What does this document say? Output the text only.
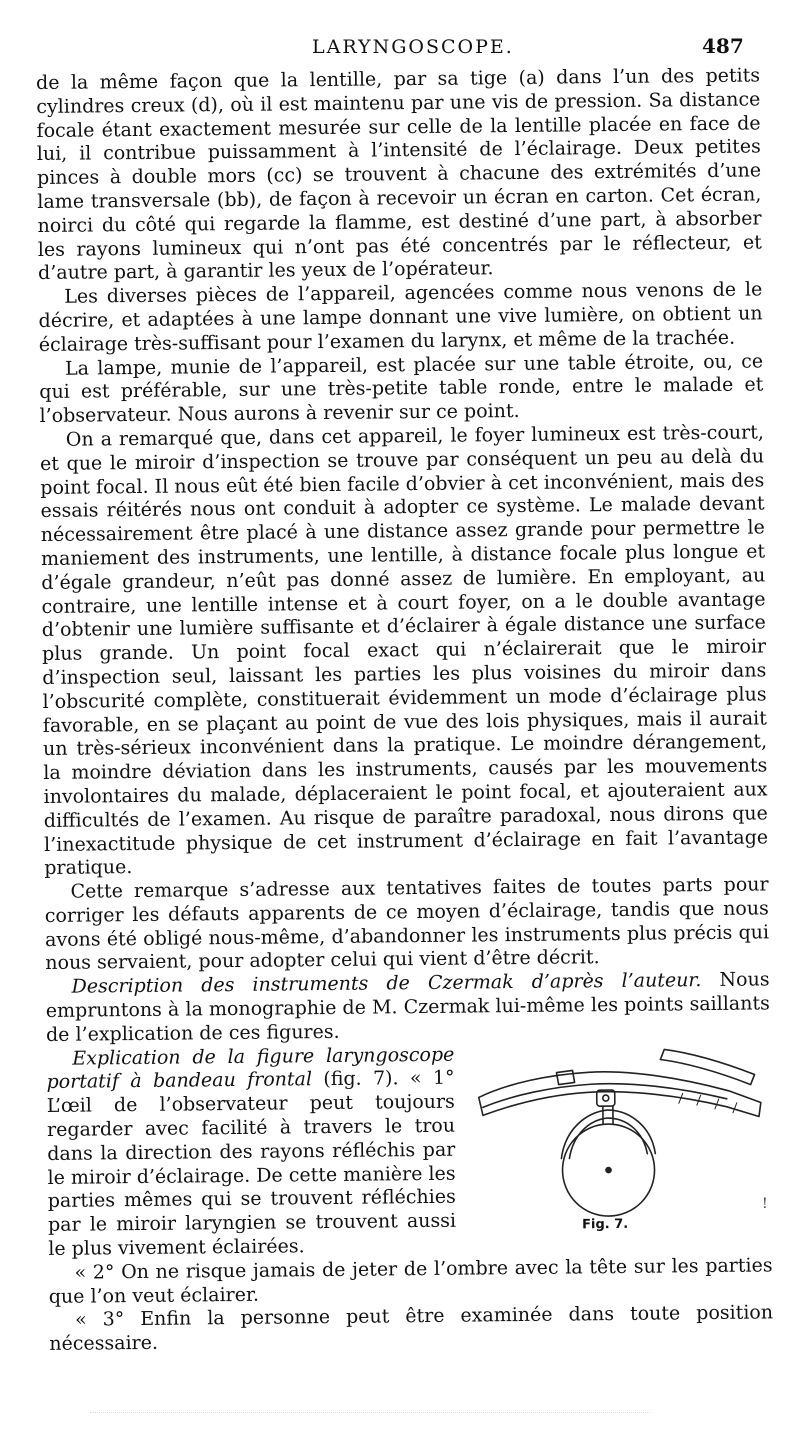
LARYNGOSCOPE.	487

de la même façon que la lentille, par sa tige (a) dans l’un des petits cylindres creux (d), où il est maintenu par une vis de pression. Sa distance focale étant exactement mesurée sur celle de la lentille placée en face de lui, il contribue puissamment à l’intensité de l’éclairage. Deux petites pinces à double mors (cc) se trouvent à chacune des extrémités d’une lame transversale (bb), de façon à recevoir un écran en carton. Cet écran, noirci du côté qui regarde la flamme, est destiné d’une part, à absorber les rayons lumineux qui n’ont pas été concentrés par le réflecteur, et d’autre part, à garantir les yeux de l’opérateur.

Les diverses pièces de l’appareil, agencées comme nous venons de le décrire, et adaptées à une lampe donnant une vive lumière, on obtient un éclairage très-suffisant pour l’examen du larynx, et même de la trachée.

La lampe, munie de l’appareil, est placée sur une table étroite, ou, ce qui est préférable, sur une très-petite table ronde, entre le malade et l’observateur. Nous aurons à revenir sur ce point.

On a remarqué que, dans cet appareil, le foyer lumineux est très-court, et que le miroir d’inspection se trouve par conséquent un peu au delà du point focal. Il nous eût été bien facile d’obvier à cet inconvénient, mais des essais réitérés nous ont conduit à adopter ce système. Le malade devant nécessairement être placé à une distance assez grande pour permettre le maniement des instruments, une lentille, à distance focale plus longue et d’égale grandeur, n’eût pas donné assez de lumière. En employant, au contraire, une lentille intense et à court foyer, on a le double avantage d’obtenir une lumière suffisante et d’éclairer à égale distance une surface plus grande. Un point focal exact qui n’éclairerait que le miroir d’inspection seul, laissant les parties les plus voisines du miroir dans l’obscurité complète, constituerait évidemment un mode d’éclairage plus favorable, en se plaçant au point de vue des lois physiques, mais il aurait un très-sérieux inconvénient dans la pratique. Le moindre dérangement, la moindre déviation dans les instruments, causés par les mouvements involontaires du malade, déplaceraient le point focal, et ajouteraient aux difficultés de l’examen. Au risque de paraître paradoxal, nous dirons que l’inexactitude physique de cet instrument d’éclairage en fait l’avantage pratique.

Cette remarque s’adresse aux tentatives faites de toutes parts pour corriger les défauts apparents de ce moyen d’éclairage, tandis que nous avons été obligé nous-même, d’abandonner les instruments plus précis qui nous servaient, pour adopter celui qui vient d’être décrit.

Description des instruments de Czermak d’après l’auteur. Nous empruntons à la monographie de M. Czermak lui-même les points saillants de l’explication de ces figures.

Fig. 7.

Explication de la figure laryngoscope portatif à bandeau frontal (fig. 7). « 1° L’œil de l’observateur peut toujours regarder avec facilité à travers le trou dans la direction des rayons réfléchis par le miroir d’éclairage. De cette manière les parties mêmes qui se trouvent réfléchies par le miroir laryngien se trouvent aussi le plus vivement éclairées.

« 2° On ne risque jamais de jeter de l’ombre avec la tête sur les parties que l’on veut éclairer.

« 3° Enfin la personne peut être examinée dans toute position nécessaire.

!
